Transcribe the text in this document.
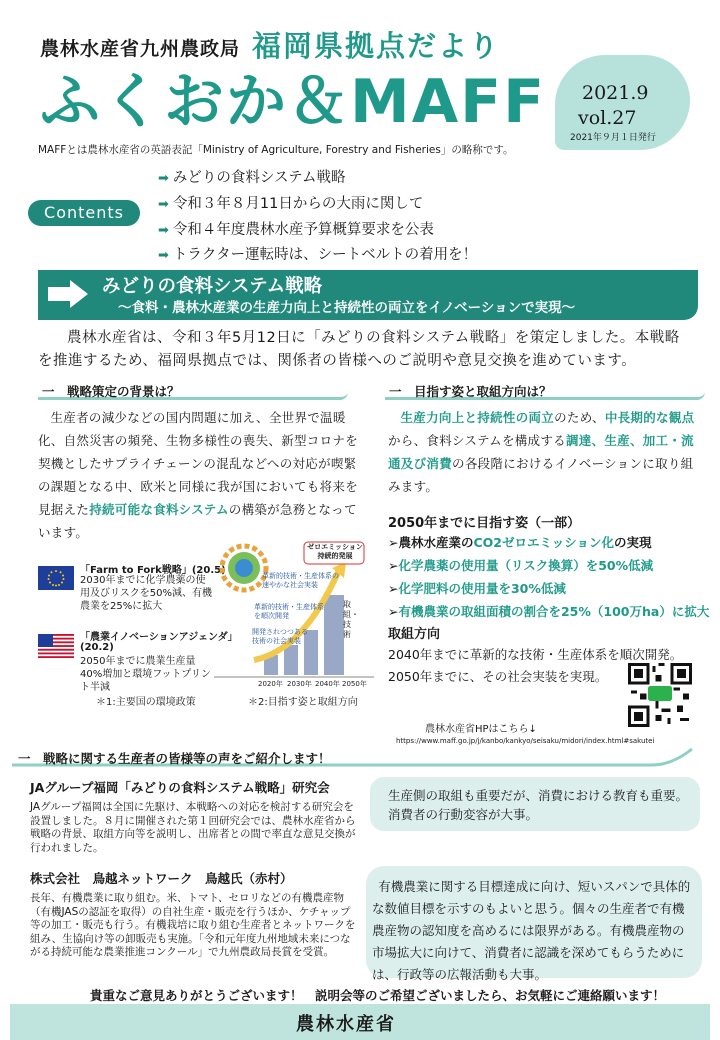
農林水産省九州農政局 福岡県拠点だより
ふくおか＆MAFF 2021.9
vol.27
2021年９月１日発行
MAFFとは農林水産省の英語表記「Ministry of Agriculture, Forestry and Fisheries」の略称です。
Contents
➡ みどりの食料システム戦略
➡ 令和３年８月11日からの大雨に関して
➡ 令和４年度農林水産予算概算要求を公表
➡ トラクター運転時は、シートベルトの着用を！
みどりの食料システム戦略
～食料・農林水産業の生産力向上と持続性の両立をイノベーションで実現～
農林水産省は、令和３年5月12日に「みどりの食料システム戦略」を策定しました。本戦略を推進するため、福岡県拠点では、関係者の皆様へのご説明や意見交換を進めています。
一　戦略策定の背景は？	一　目指す姿と取組方向は？
生産者の減少などの国内問題に加え、全世界で温暖化、自然災害の頻発、生物多様性の喪失、新型コロナを契機としたサプライチェーンの混乱などへの対応が喫緊の課題となる中、欧米と同様に我が国においても将来を見据えた持続可能な食料システムの構築が急務となっています。
生産力向上と持続性の両立のため、中長期的な観点から、食料システムを構成する調達、生産、加工・流通及び消費の各段階におけるイノベーションに取り組みます。
「Farm to Fork戦略」(20.5)
2030年までに化学農薬の使用及びリスクを50%減、有機農業を25%に拡大
「農業イノベーションアジェンダ」
(20.2)
2050年までに農業生産量40%増加と環境フットプリント半減
＊1:主要国の環境政策
ゼロエミッション持続的発展
革新的技術・生産体系の速やかな社会実装
革新的技術・生産体系を順次開発
開発されつつある技術の社会実装
取組・技術
2020年 2030年 2040年 2050年
＊2:目指す姿と取組方向
2050年までに目指す姿（一部）
➢農林水産業のCO2ゼロエミッション化の実現
➢化学農薬の使用量（リスク換算）を50%低減
➢化学肥料の使用量を30%低減
➢有機農業の取組面積の割合を25%（100万ha）に拡大
取組方向
2040年までに革新的な技術・生産体系を順次開発。
2050年までに、その社会実装を実現。
農林水産省HPはこちら↓
https://www.maff.go.jp/j/kanbo/kankyo/seisaku/midori/index.html#sakutei
一　戦略に関する生産者の皆様等の声をご紹介します！
JAグループ福岡「みどりの食料システム戦略」研究会
JAグループ福岡は全国に先駆け、本戦略への対応を検討する研究会を設置しました。８月に開催された第１回研究会では、農林水産省から戦略の背景、取組方向等を説明し、出席者との間で率直な意見交換が行われました。
生産側の取組も重要だが、消費における教育も重要。消費者の行動変容が大事。
株式会社　鳥越ネットワーク　鳥越氏（赤村）
長年、有機農業に取り組む。米、トマト、セロリなどの有機農産物（有機JASの認証を取得）の自社生産・販売を行うほか、ケチャップ等の加工・販売も行う。有機栽培に取り組む生産者とネットワークを組み、生協向け等の卸販売も実施。「令和元年度九州地域未来につながる持続可能な農業推進コンクール」で九州農政局長賞を受賞。
有機農業に関する目標達成に向け、短いスパンで具体的な数値目標を示すのもよいと思う。個々の生産者で有機農産物の認知度を高めるには限界がある。有機農産物の市場拡大に向けて、消費者に認識を深めてもらうためには、行政等の広報活動も大事。
貴重なご意見ありがとうございます！　説明会等のご希望ございましたら、お気軽にご連絡願います！
農林水産省
